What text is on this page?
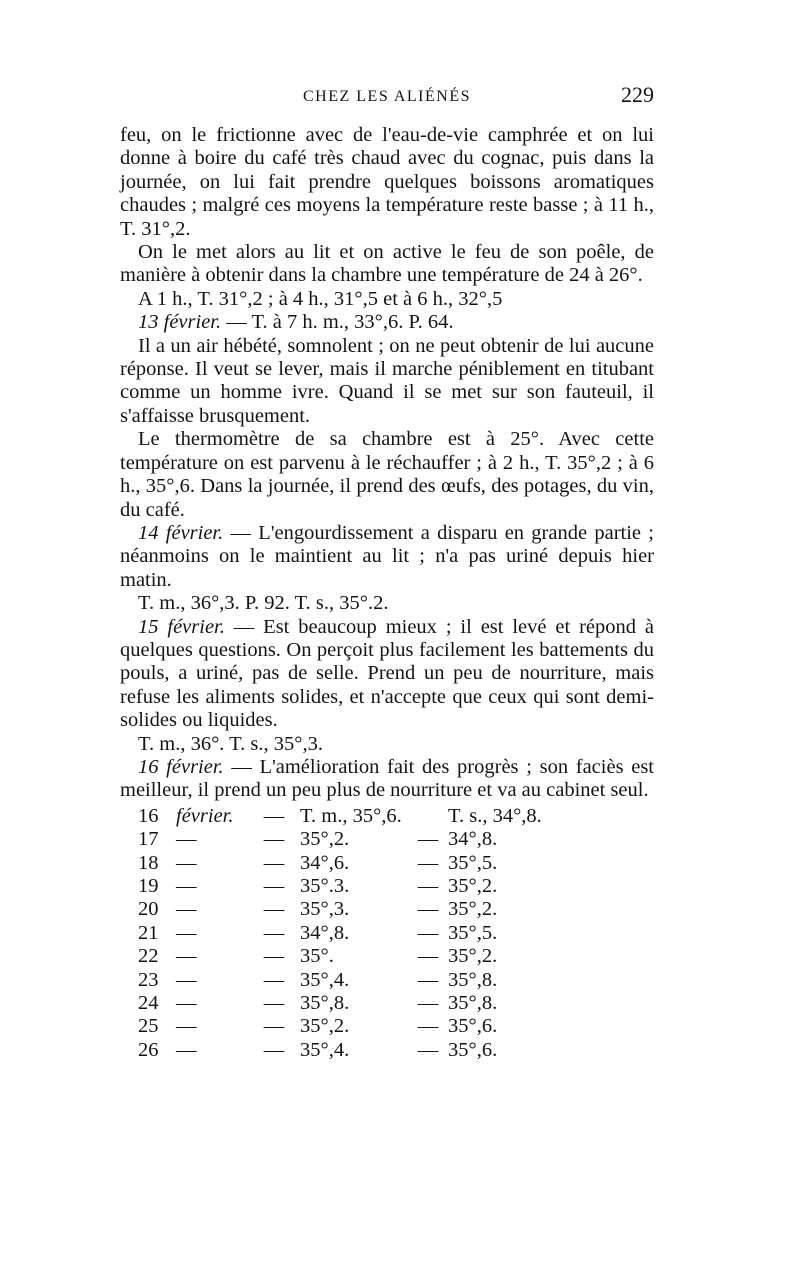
CHEZ LES ALIÉNÉS	229

feu, on le frictionne avec de l'eau-de-vie camphrée et on lui donne à boire du café très chaud avec du cognac, puis dans la journée, on lui fait prendre quelques boissons aromatiques chaudes ; malgré ces moyens la température reste basse ; à 11 h., T. 31°,2.

On le met alors au lit et on active le feu de son poêle, de manière à obtenir dans la chambre une température de 24 à 26°.

A 1 h., T. 31°,2 ; à 4 h., 31°,5 et à 6 h., 32°,5

13 février. — T. à 7 h. m., 33°,6. P. 64.

Il a un air hébété, somnolent ; on ne peut obtenir de lui aucune réponse. Il veut se lever, mais il marche péniblement en titubant comme un homme ivre. Quand il se met sur son fauteuil, il s'affaisse brusquement.

Le thermomètre de sa chambre est à 25°. Avec cette température on est parvenu à le réchauffer ; à 2 h., T. 35°,2 ; à 6 h., 35°,6. Dans la journée, il prend des œufs, des potages, du vin, du café.

14 février. — L'engourdissement a disparu en grande partie ; néanmoins on le maintient au lit ; n'a pas uriné depuis hier matin.

T. m., 36°,3. P. 92. T. s., 35°.2.

15 février. — Est beaucoup mieux ; il est levé et répond à quelques questions. On perçoit plus facilement les battements du pouls, a uriné, pas de selle. Prend un peu de nourriture, mais refuse les aliments solides, et n'accepte que ceux qui sont demi-solides ou liquides.

T. m., 36°. T. s., 35°,3.

16 février. — L'amélioration fait des progrès ; son faciès est meilleur, il prend un peu plus de nourriture et va au cabinet seul.

16	février.	—	T. m., 35°,6.		T. s., 34°,8.
17	—	—	35°,2.	—	34°,8.
18	—	—	34°,6.	—	35°,5.
19	—	—	35°.3.	—	35°,2.
20	—	—	35°,3.	—	35°,2.
21	—	—	34°,8.	—	35°,5.
22	—	—	35°.	—	35°,2.
23	—	—	35°,4.	—	35°,8.
24	—	—	35°,8.	—	35°,8.
25	—	—	35°,2.	—	35°,6.
26	—	—	35°,4.	—	35°,6.
